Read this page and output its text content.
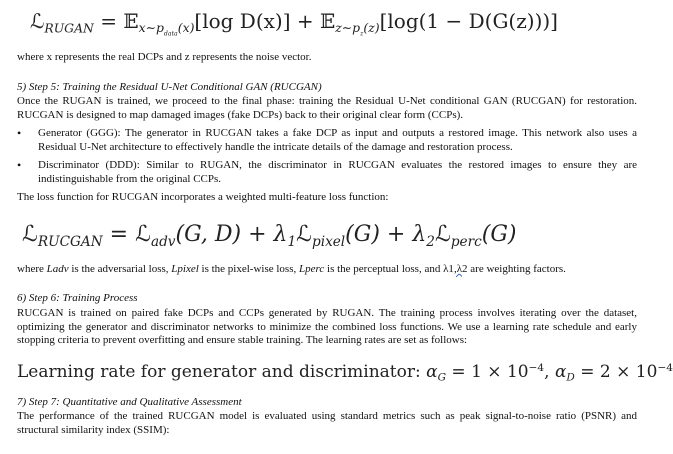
ℒ$_{RUGAN}$ = 𝔼$_{x\sim p_{data}(x)}$[log D(x)] + 𝔼$_{z\sim p_z(z)}$[log(1 − D(G(z)))]
where x represents the real DCPs and z represents the noise vector.
5) Step 5: Training the Residual U-Net Conditional GAN (RUCGAN)
Once the RUGAN is trained, we proceed to the final phase: training the Residual U-Net conditional GAN (RUCGAN) for restoration. RUCGAN is designed to map damaged images (fake DCPs) back to their original clear form (CCPs).
• Generator (GGG): The generator in RUCGAN takes a fake DCP as input and outputs a restored image. This network also uses a Residual U-Net architecture to effectively handle the intricate details of the damage and restoration process.
• Discriminator (DDD): Similar to RUGAN, the discriminator in RUCGAN evaluates the restored images to ensure they are indistinguishable from the original CCPs.
The loss function for RUCGAN incorporates a weighted multi-feature loss function:
ℒ$_{RUCGAN}$ = ℒ$_{adv}$(G, $D) + \lambda_1ℒ_{pixel}(G)$ + $\lambda_2ℒ_{perc}(G)$
where Ladv is the adversarial loss, Lpixel is the pixel-wise loss, Lperc is the perceptual loss, and λ1,λ2 are weighting factors.
6) Step 6: Training Process
RUCGAN is trained on paired fake DCPs and CCPs generated by RUGAN. The training process involves iterating over the dataset, optimizing the generator and discriminator networks to minimize the combined loss functions. We use a learning rate schedule and early stopping criteria to prevent overfitting and ensure stable training. The learning rates are set as follows:
Learning rate for generator and discriminator: $\alpha_G = 1 \times 10^{-4}$, $\alpha_D = 2 \times 10^{-4}$
7) Step 7: Quantitative and Qualitative Assessment
The performance of the trained RUCGAN model is evaluated using standard metrics such as peak signal-to-noise ratio (PSNR) and structural similarity index (SSIM):
